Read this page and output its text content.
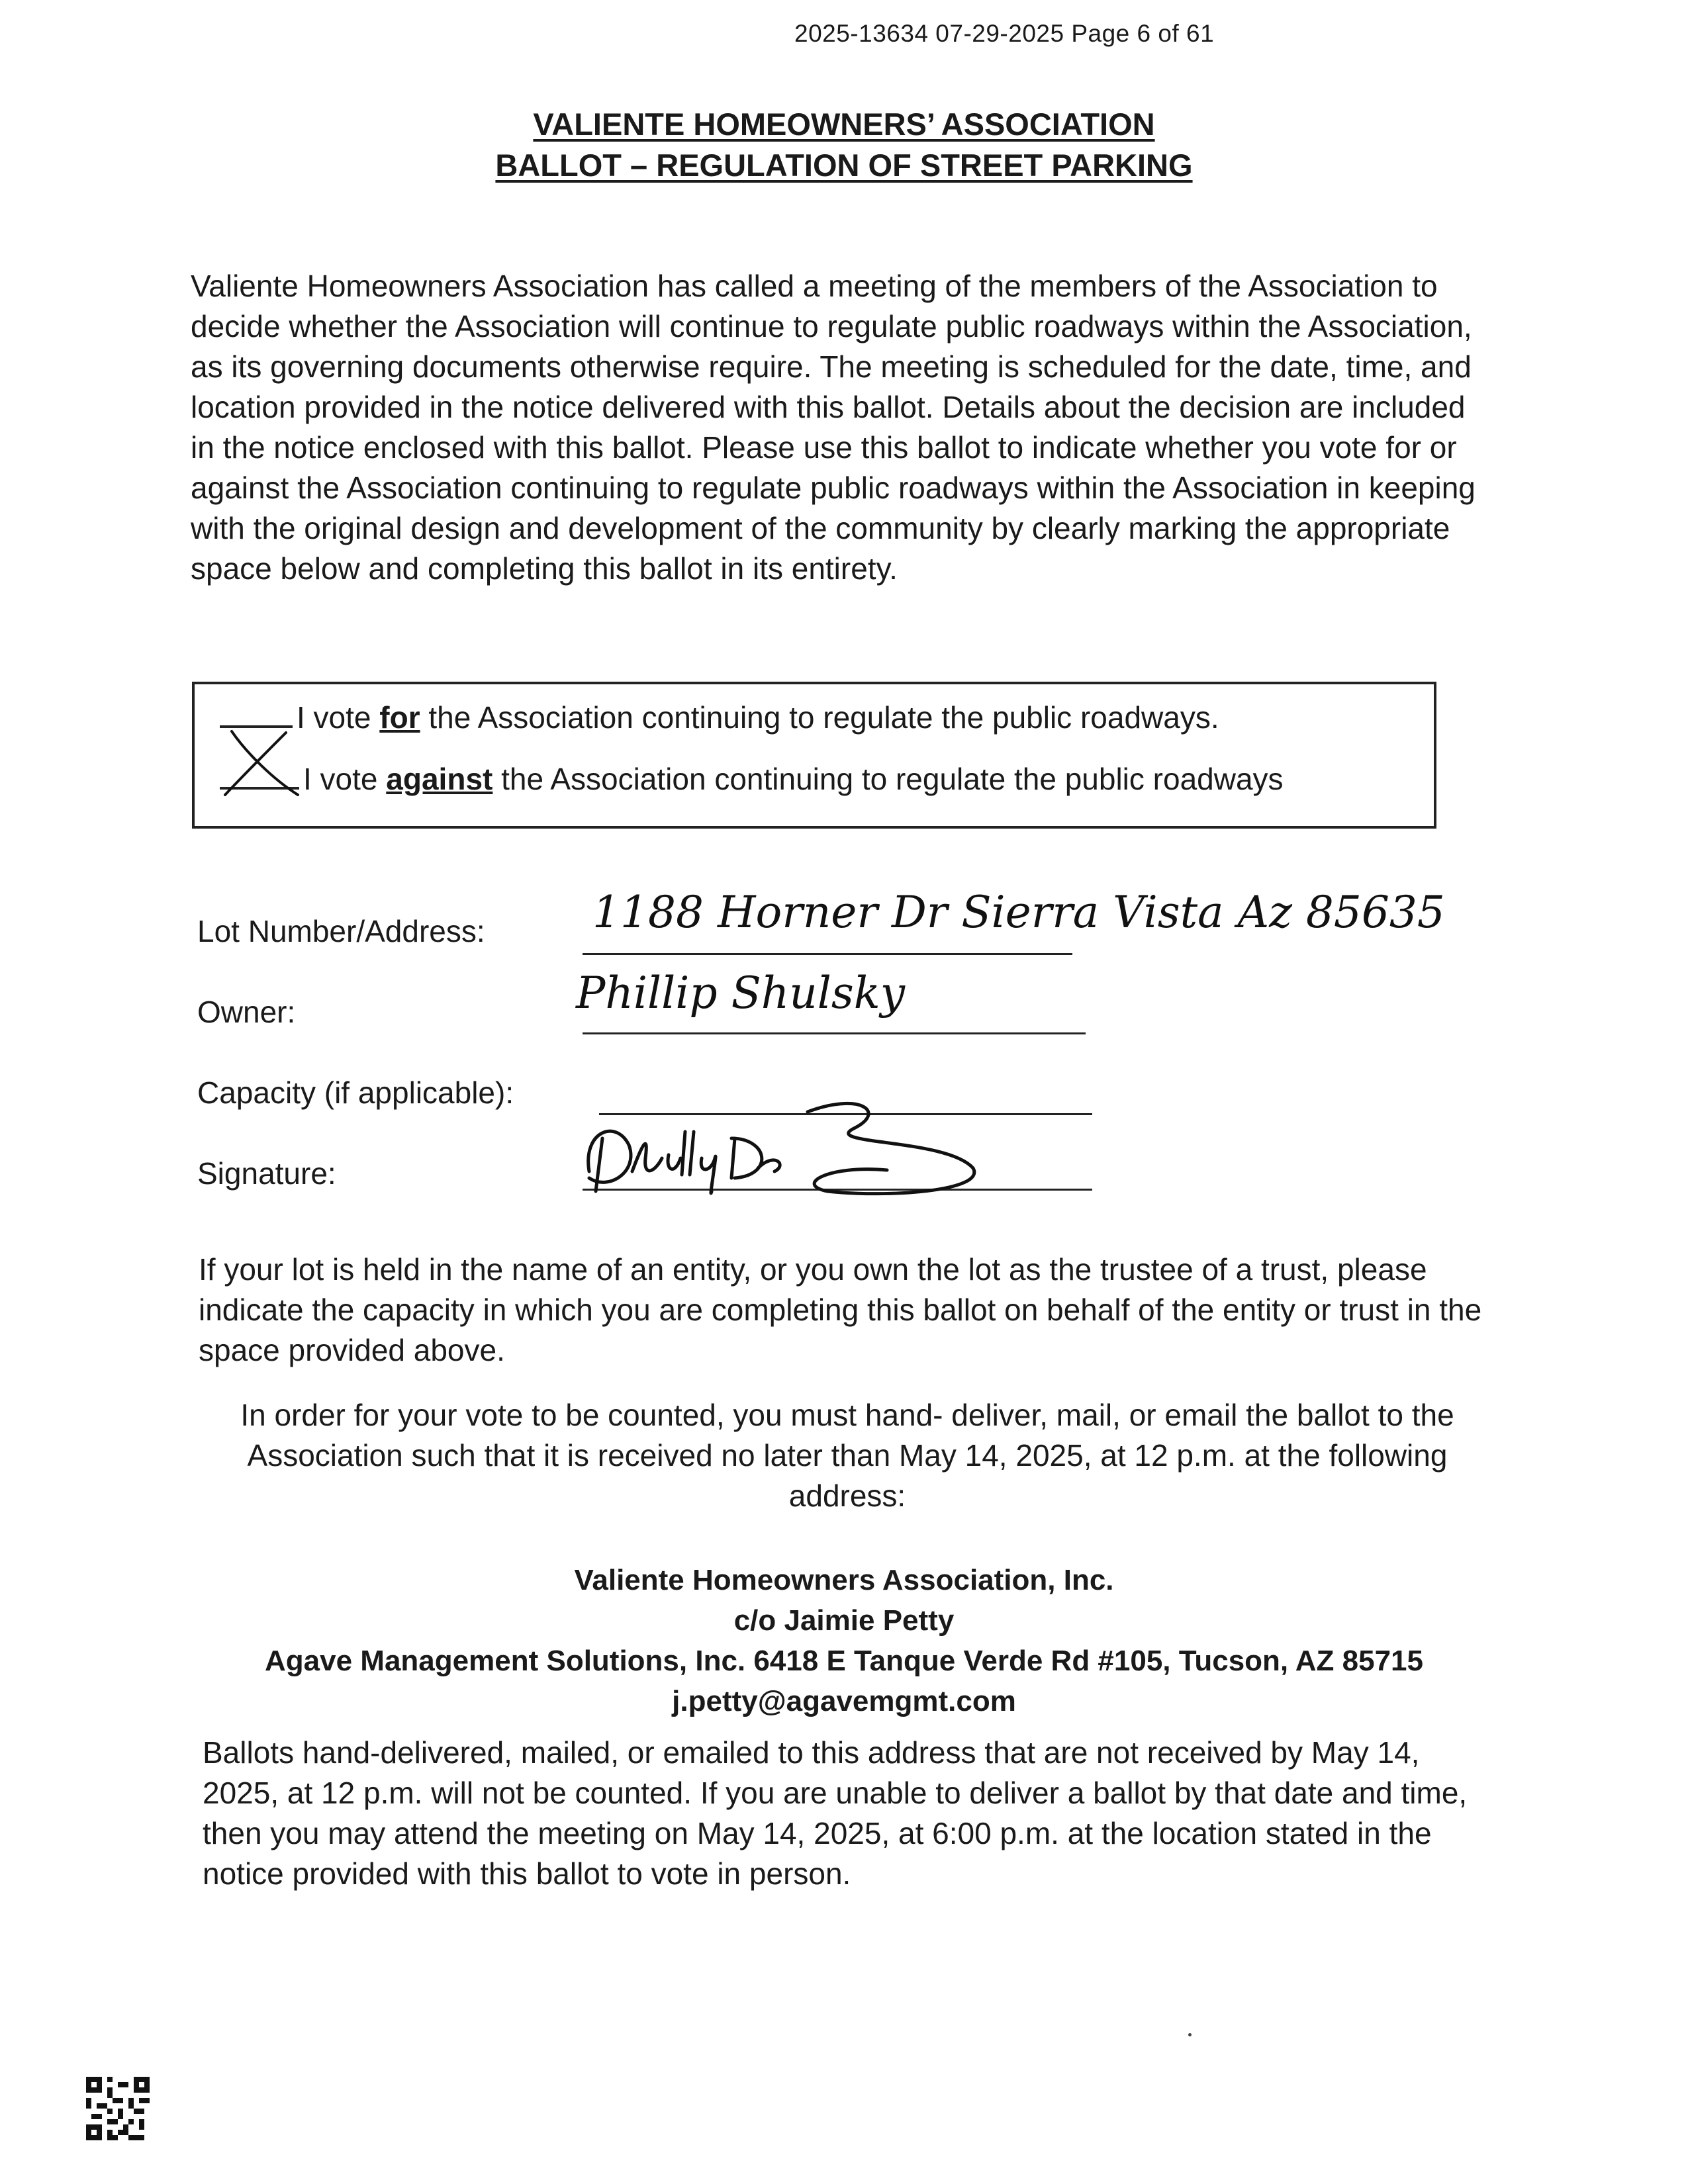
2025-13634 07-29-2025 Page 6 of 61
VALIENTE HOMEOWNERS’ ASSOCIATION
BALLOT – REGULATION OF STREET PARKING

Valiente Homeowners Association has called a meeting of the members of the Association to decide whether the Association will continue to regulate public roadways within the Association, as its governing documents otherwise require. The meeting is scheduled for the date, time, and location provided in the notice delivered with this ballot. Details about the decision are included in the notice enclosed with this ballot. Please use this ballot to indicate whether you vote for or against the Association continuing to regulate public roadways within the Association in keeping with the original design and development of the community by clearly marking the appropriate space below and completing this ballot in its entirety.

I vote for the Association continuing to regulate the public roadways.
I vote against the Association continuing to regulate the public roadways
Lot Number/Address: 1188 Horner Dr Sierra Vista Az 85635
Owner:	Phillip Shulsky
Capacity (if applicable):
Signature:

If your lot is held in the name of an entity, or you own the lot as the trustee of a trust, please indicate the capacity in which you are completing this ballot on behalf of the entity or trust in the space provided above.

In order for your vote to be counted, you must hand- deliver, mail, or email the ballot to the Association such that it is received no later than May 14, 2025, at 12 p.m. at the following address:

Valiente Homeowners Association, Inc.
c/o Jaimie Petty
Agave Management Solutions, Inc. 6418 E Tanque Verde Rd #105, Tucson, AZ 85715
j.petty@agavemgmt.com

Ballots hand-delivered, mailed, or emailed to this address that are not received by May 14, 2025, at 12 p.m. will not be counted. If you are unable to deliver a ballot by that date and time, then you may attend the meeting on May 14, 2025, at 6:00 p.m. at the location stated in the notice provided with this ballot to vote in person.
